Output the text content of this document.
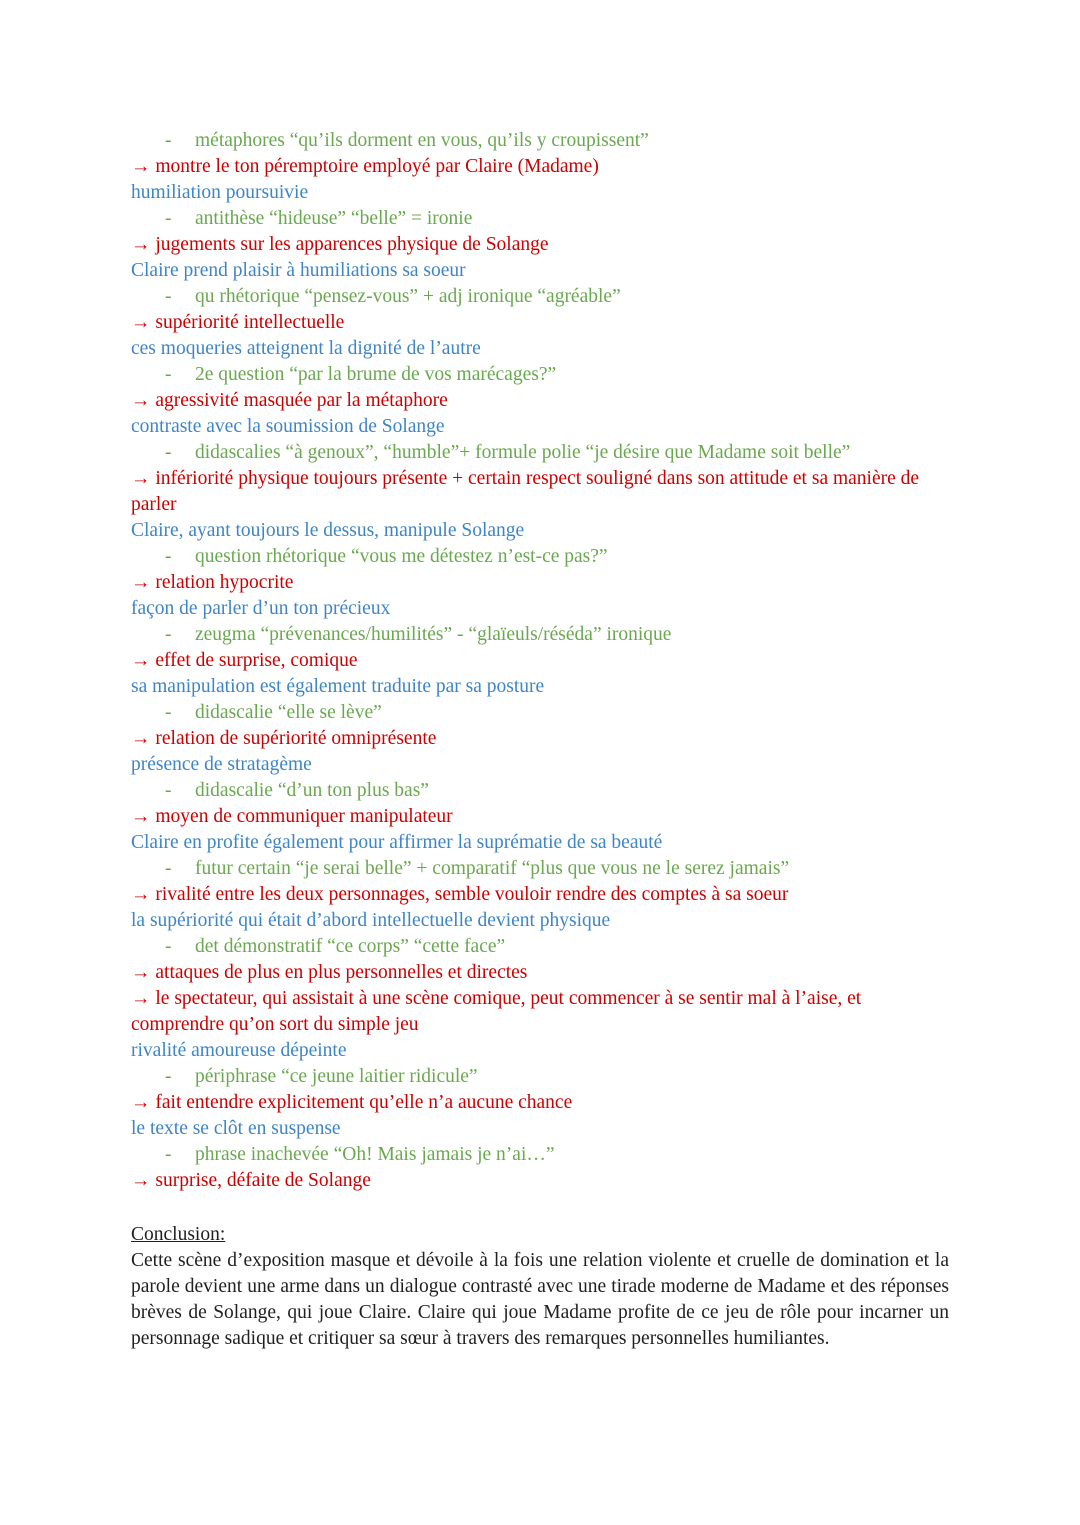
- métaphores “qu’ils dorment en vous, qu’ils y croupissent”
→ montre le ton péremptoire employé par Claire (Madame)
humiliation poursuivie
- antithèse “hideuse” “belle” = ironie
→ jugements sur les apparences physique de Solange
Claire prend plaisir à humiliations sa soeur
- qu rhétorique “pensez-vous” + adj ironique “agréable”
→ supériorité intellectuelle
ces moqueries atteignent la dignité de l’autre
- 2e question “par la brume de vos marécages?”
→ agressivité masquée par la métaphore
contraste avec la soumission de Solange
- didascalies “à genoux”, “humble”+ formule polie “je désire que Madame soit belle”
→ infériorité physique toujours présente + certain respect souligné dans son attitude et sa manière de parler
Claire, ayant toujours le dessus, manipule Solange
- question rhétorique “vous me détestez n’est-ce pas?”
→ relation hypocrite
façon de parler d’un ton précieux
- zeugma “prévenances/humilités” - “glaïeuls/réséda” ironique
→ effet de surprise, comique
sa manipulation est également traduite par sa posture
- didascalie “elle se lève”
→ relation de supériorité omniprésente
présence de stratagème
- didascalie “d’un ton plus bas”
→ moyen de communiquer manipulateur
Claire en profite également pour affirmer la suprématie de sa beauté
- futur certain “je serai belle” + comparatif “plus que vous ne le serez jamais”
→ rivalité entre les deux personnages, semble vouloir rendre des comptes à sa soeur
la supériorité qui était d’abord intellectuelle devient physique
- det démonstratif “ce corps” “cette face”
→ attaques de plus en plus personnelles et directes
→ le spectateur, qui assistait à une scène comique, peut commencer à se sentir mal à l’aise, et comprendre qu’on sort du simple jeu
rivalité amoureuse dépeinte
- périphrase “ce jeune laitier ridicule”
→ fait entendre explicitement qu’elle n’a aucune chance
le texte se clôt en suspense
- phrase inachevée “Oh! Mais jamais je n’ai…”
→ surprise, défaite de Solange
Conclusion:
Cette scène d’exposition masque et dévoile à la fois une relation violente et cruelle de domination et la parole devient une arme dans un dialogue contrasté avec une tirade moderne de Madame et des réponses brèves de Solange, qui joue Claire. Claire qui joue Madame profite de ce jeu de rôle pour incarner un personnage sadique et critiquer sa sœur à travers des remarques personnelles humiliantes.
